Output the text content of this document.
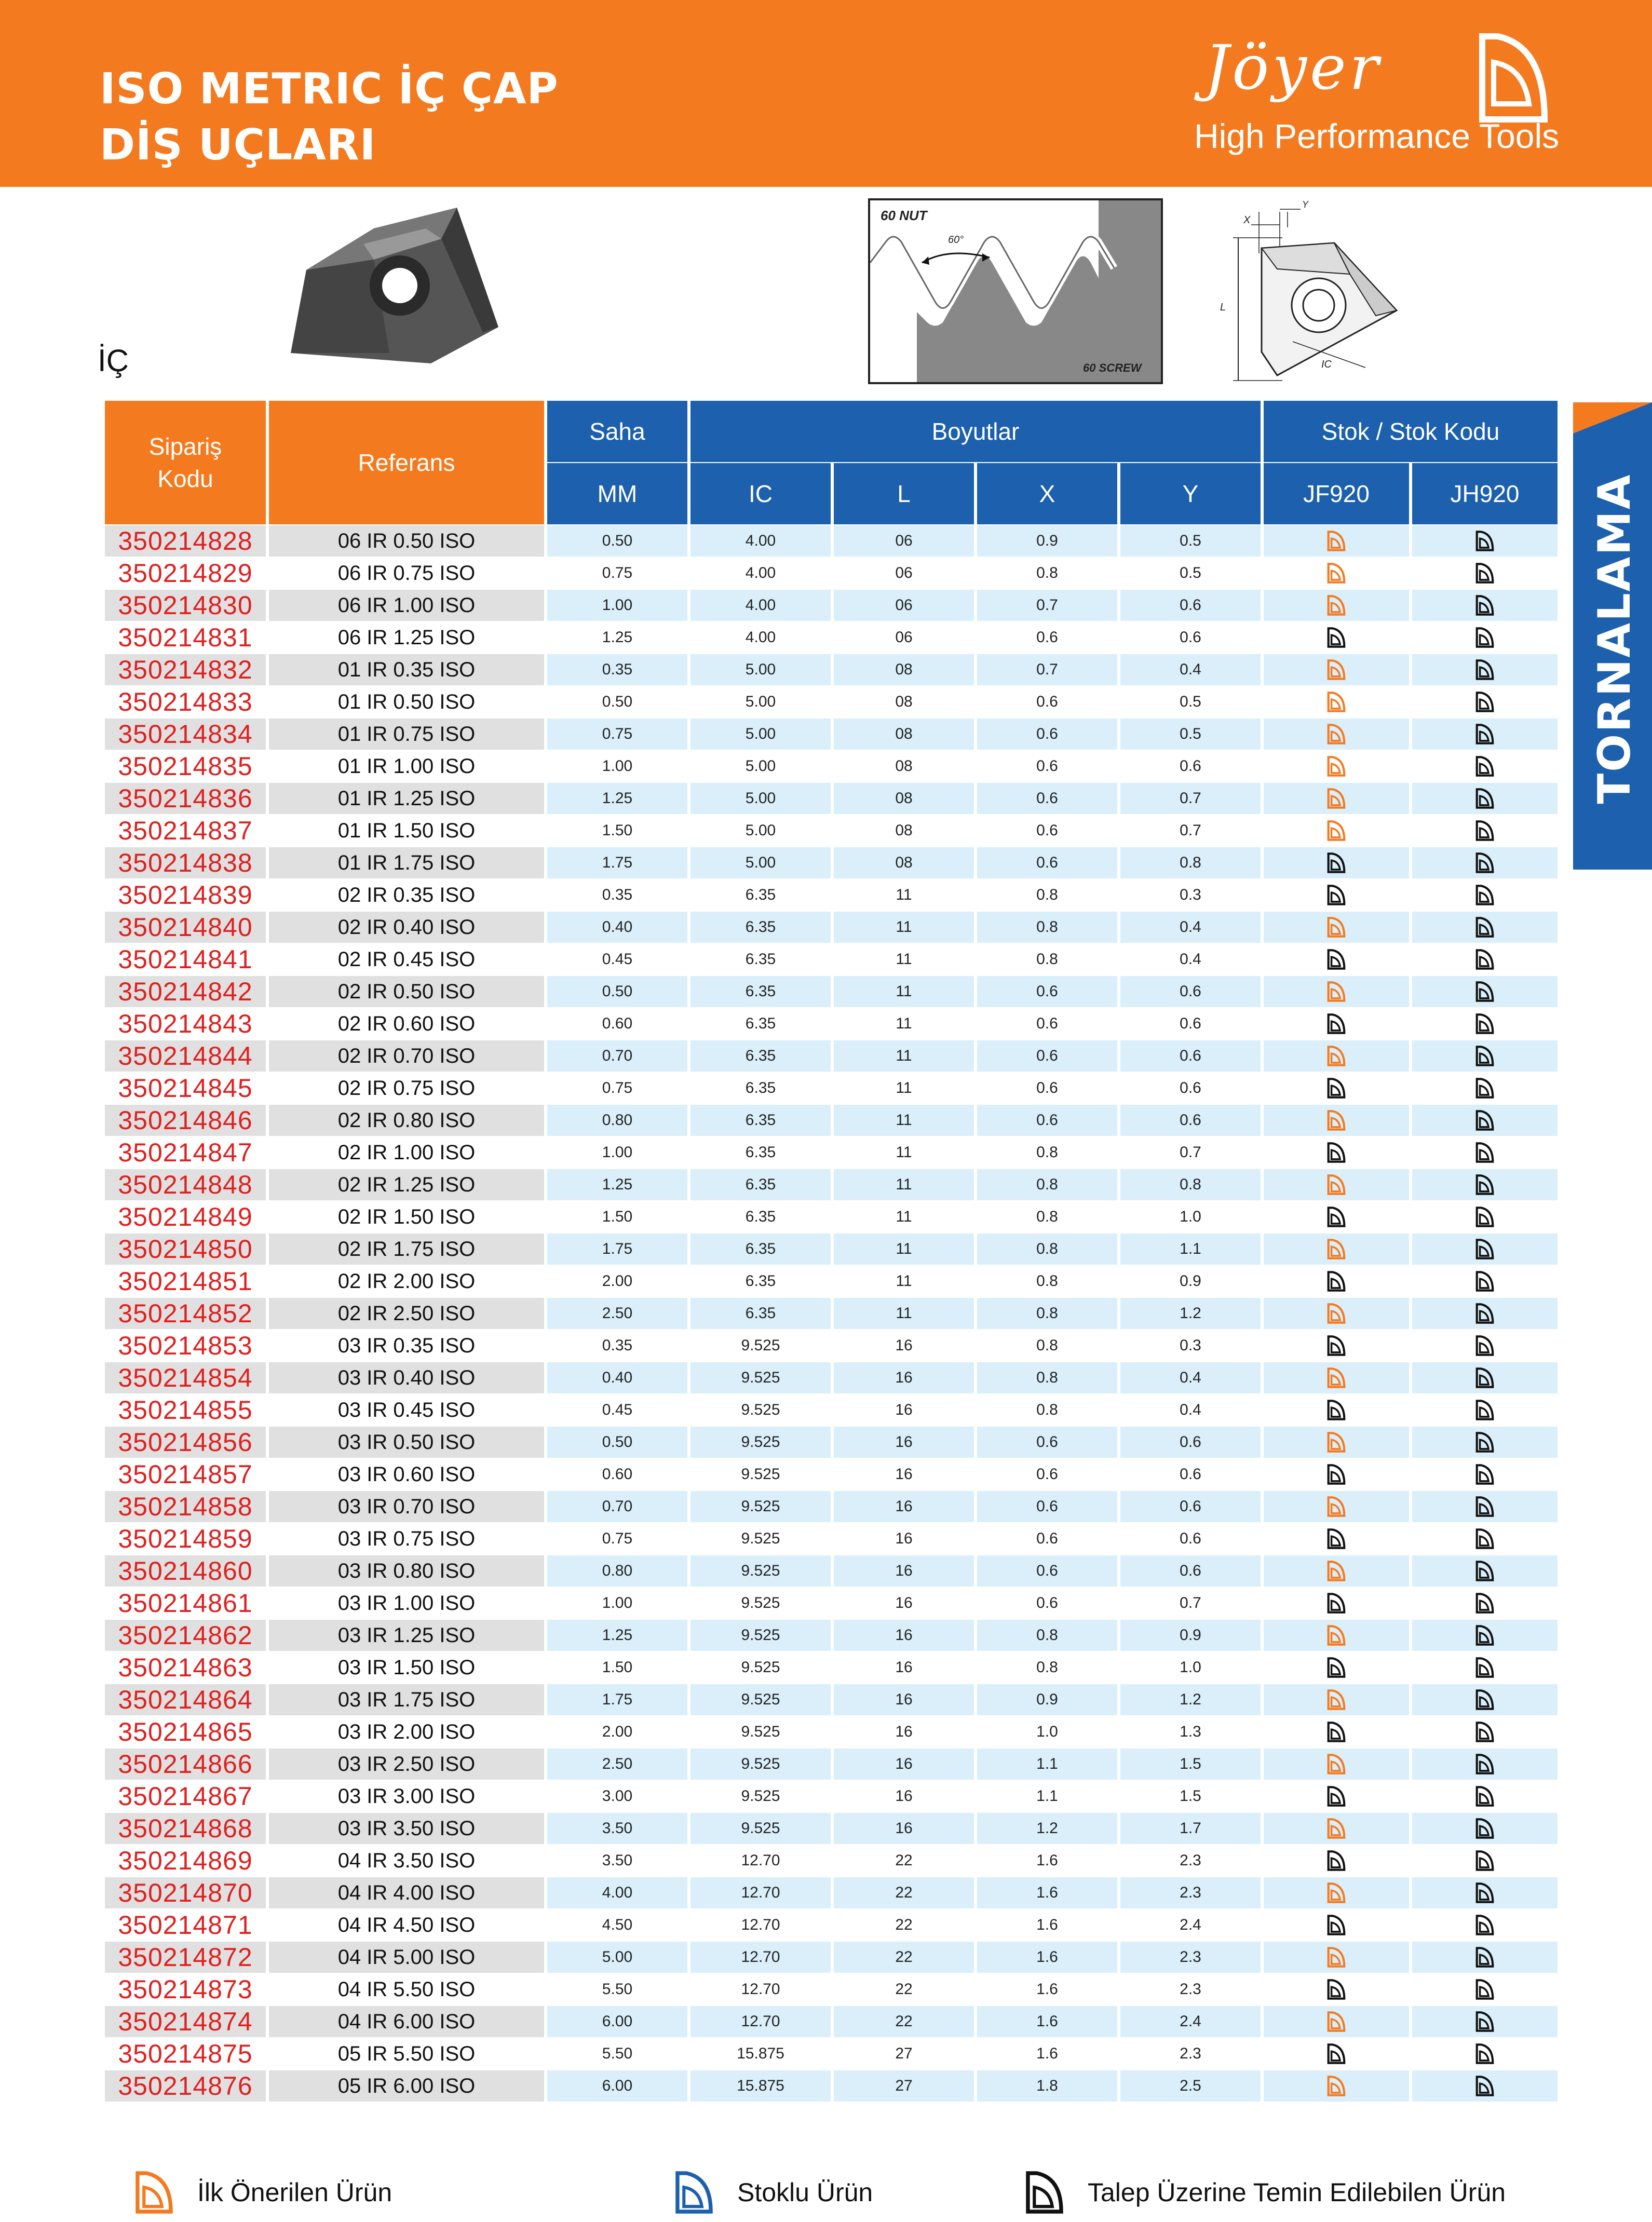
ISO METRIC İÇ ÇAP
DİŞ UÇLARI
Jöyer
High Performance Tools
TORNALAMA
İÇ
60 NUT
60°
60 SCREW
L
X
Y
IC
Sipariş Kodu	Referans	Saha	Boyutlar				Stok / Stok Kodu	
		MM	IC	L	X	Y	JF920	JH920
350214828	06 IR 0.50 ISO	0.50	4.00	06	0.9	0.5		
350214829	06 IR 0.75 ISO	0.75	4.00	06	0.8	0.5		
350214830	06 IR 1.00 ISO	1.00	4.00	06	0.7	0.6		
350214831	06 IR 1.25 ISO	1.25	4.00	06	0.6	0.6		
350214832	01 IR 0.35 ISO	0.35	5.00	08	0.7	0.4		
350214833	01 IR 0.50 ISO	0.50	5.00	08	0.6	0.5		
350214834	01 IR 0.75 ISO	0.75	5.00	08	0.6	0.5		
350214835	01 IR 1.00 ISO	1.00	5.00	08	0.6	0.6		
350214836	01 IR 1.25 ISO	1.25	5.00	08	0.6	0.7		
350214837	01 IR 1.50 ISO	1.50	5.00	08	0.6	0.7		
350214838	01 IR 1.75 ISO	1.75	5.00	08	0.6	0.8		
350214839	02 IR 0.35 ISO	0.35	6.35	11	0.8	0.3		
350214840	02 IR 0.40 ISO	0.40	6.35	11	0.8	0.4		
350214841	02 IR 0.45 ISO	0.45	6.35	11	0.8	0.4		
350214842	02 IR 0.50 ISO	0.50	6.35	11	0.6	0.6		
350214843	02 IR 0.60 ISO	0.60	6.35	11	0.6	0.6		
350214844	02 IR 0.70 ISO	0.70	6.35	11	0.6	0.6		
350214845	02 IR 0.75 ISO	0.75	6.35	11	0.6	0.6		
350214846	02 IR 0.80 ISO	0.80	6.35	11	0.6	0.6		
350214847	02 IR 1.00 ISO	1.00	6.35	11	0.8	0.7		
350214848	02 IR 1.25 ISO	1.25	6.35	11	0.8	0.8		
350214849	02 IR 1.50 ISO	1.50	6.35	11	0.8	1.0		
350214850	02 IR 1.75 ISO	1.75	6.35	11	0.8	1.1		
350214851	02 IR 2.00 ISO	2.00	6.35	11	0.8	0.9		
350214852	02 IR 2.50 ISO	2.50	6.35	11	0.8	1.2		
350214853	03 IR 0.35 ISO	0.35	9.525	16	0.8	0.3		
350214854	03 IR 0.40 ISO	0.40	9.525	16	0.8	0.4		
350214855	03 IR 0.45 ISO	0.45	9.525	16	0.8	0.4		
350214856	03 IR 0.50 ISO	0.50	9.525	16	0.6	0.6		
350214857	03 IR 0.60 ISO	0.60	9.525	16	0.6	0.6		
350214858	03 IR 0.70 ISO	0.70	9.525	16	0.6	0.6		
350214859	03 IR 0.75 ISO	0.75	9.525	16	0.6	0.6		
350214860	03 IR 0.80 ISO	0.80	9.525	16	0.6	0.6		
350214861	03 IR 1.00 ISO	1.00	9.525	16	0.6	0.7		
350214862	03 IR 1.25 ISO	1.25	9.525	16	0.8	0.9		
350214863	03 IR 1.50 ISO	1.50	9.525	16	0.8	1.0		
350214864	03 IR 1.75 ISO	1.75	9.525	16	0.9	1.2		
350214865	03 IR 2.00 ISO	2.00	9.525	16	1.0	1.3		
350214866	03 IR 2.50 ISO	2.50	9.525	16	1.1	1.5		
350214867	03 IR 3.00 ISO	3.00	9.525	16	1.1	1.5		
350214868	03 IR 3.50 ISO	3.50	9.525	16	1.2	1.7		
350214869	04 IR 3.50 ISO	3.50	12.70	22	1.6	2.3		
350214870	04 IR 4.00 ISO	4.00	12.70	22	1.6	2.3		
350214871	04 IR 4.50 ISO	4.50	12.70	22	1.6	2.4		
350214872	04 IR 5.00 ISO	5.00	12.70	22	1.6	2.3		
350214873	04 IR 5.50 ISO	5.50	12.70	22	1.6	2.3		
350214874	04 IR 6.00 ISO	6.00	12.70	22	1.6	2.4		
350214875	05 IR 5.50 ISO	5.50	15.875	27	1.6	2.3		
350214876	05 IR 6.00 ISO	6.00	15.875	27	1.8	2.5		
İlk Önerilen Ürün	Stoklu Ürün	Talep Üzerine Temin Edilebilen Ürün
